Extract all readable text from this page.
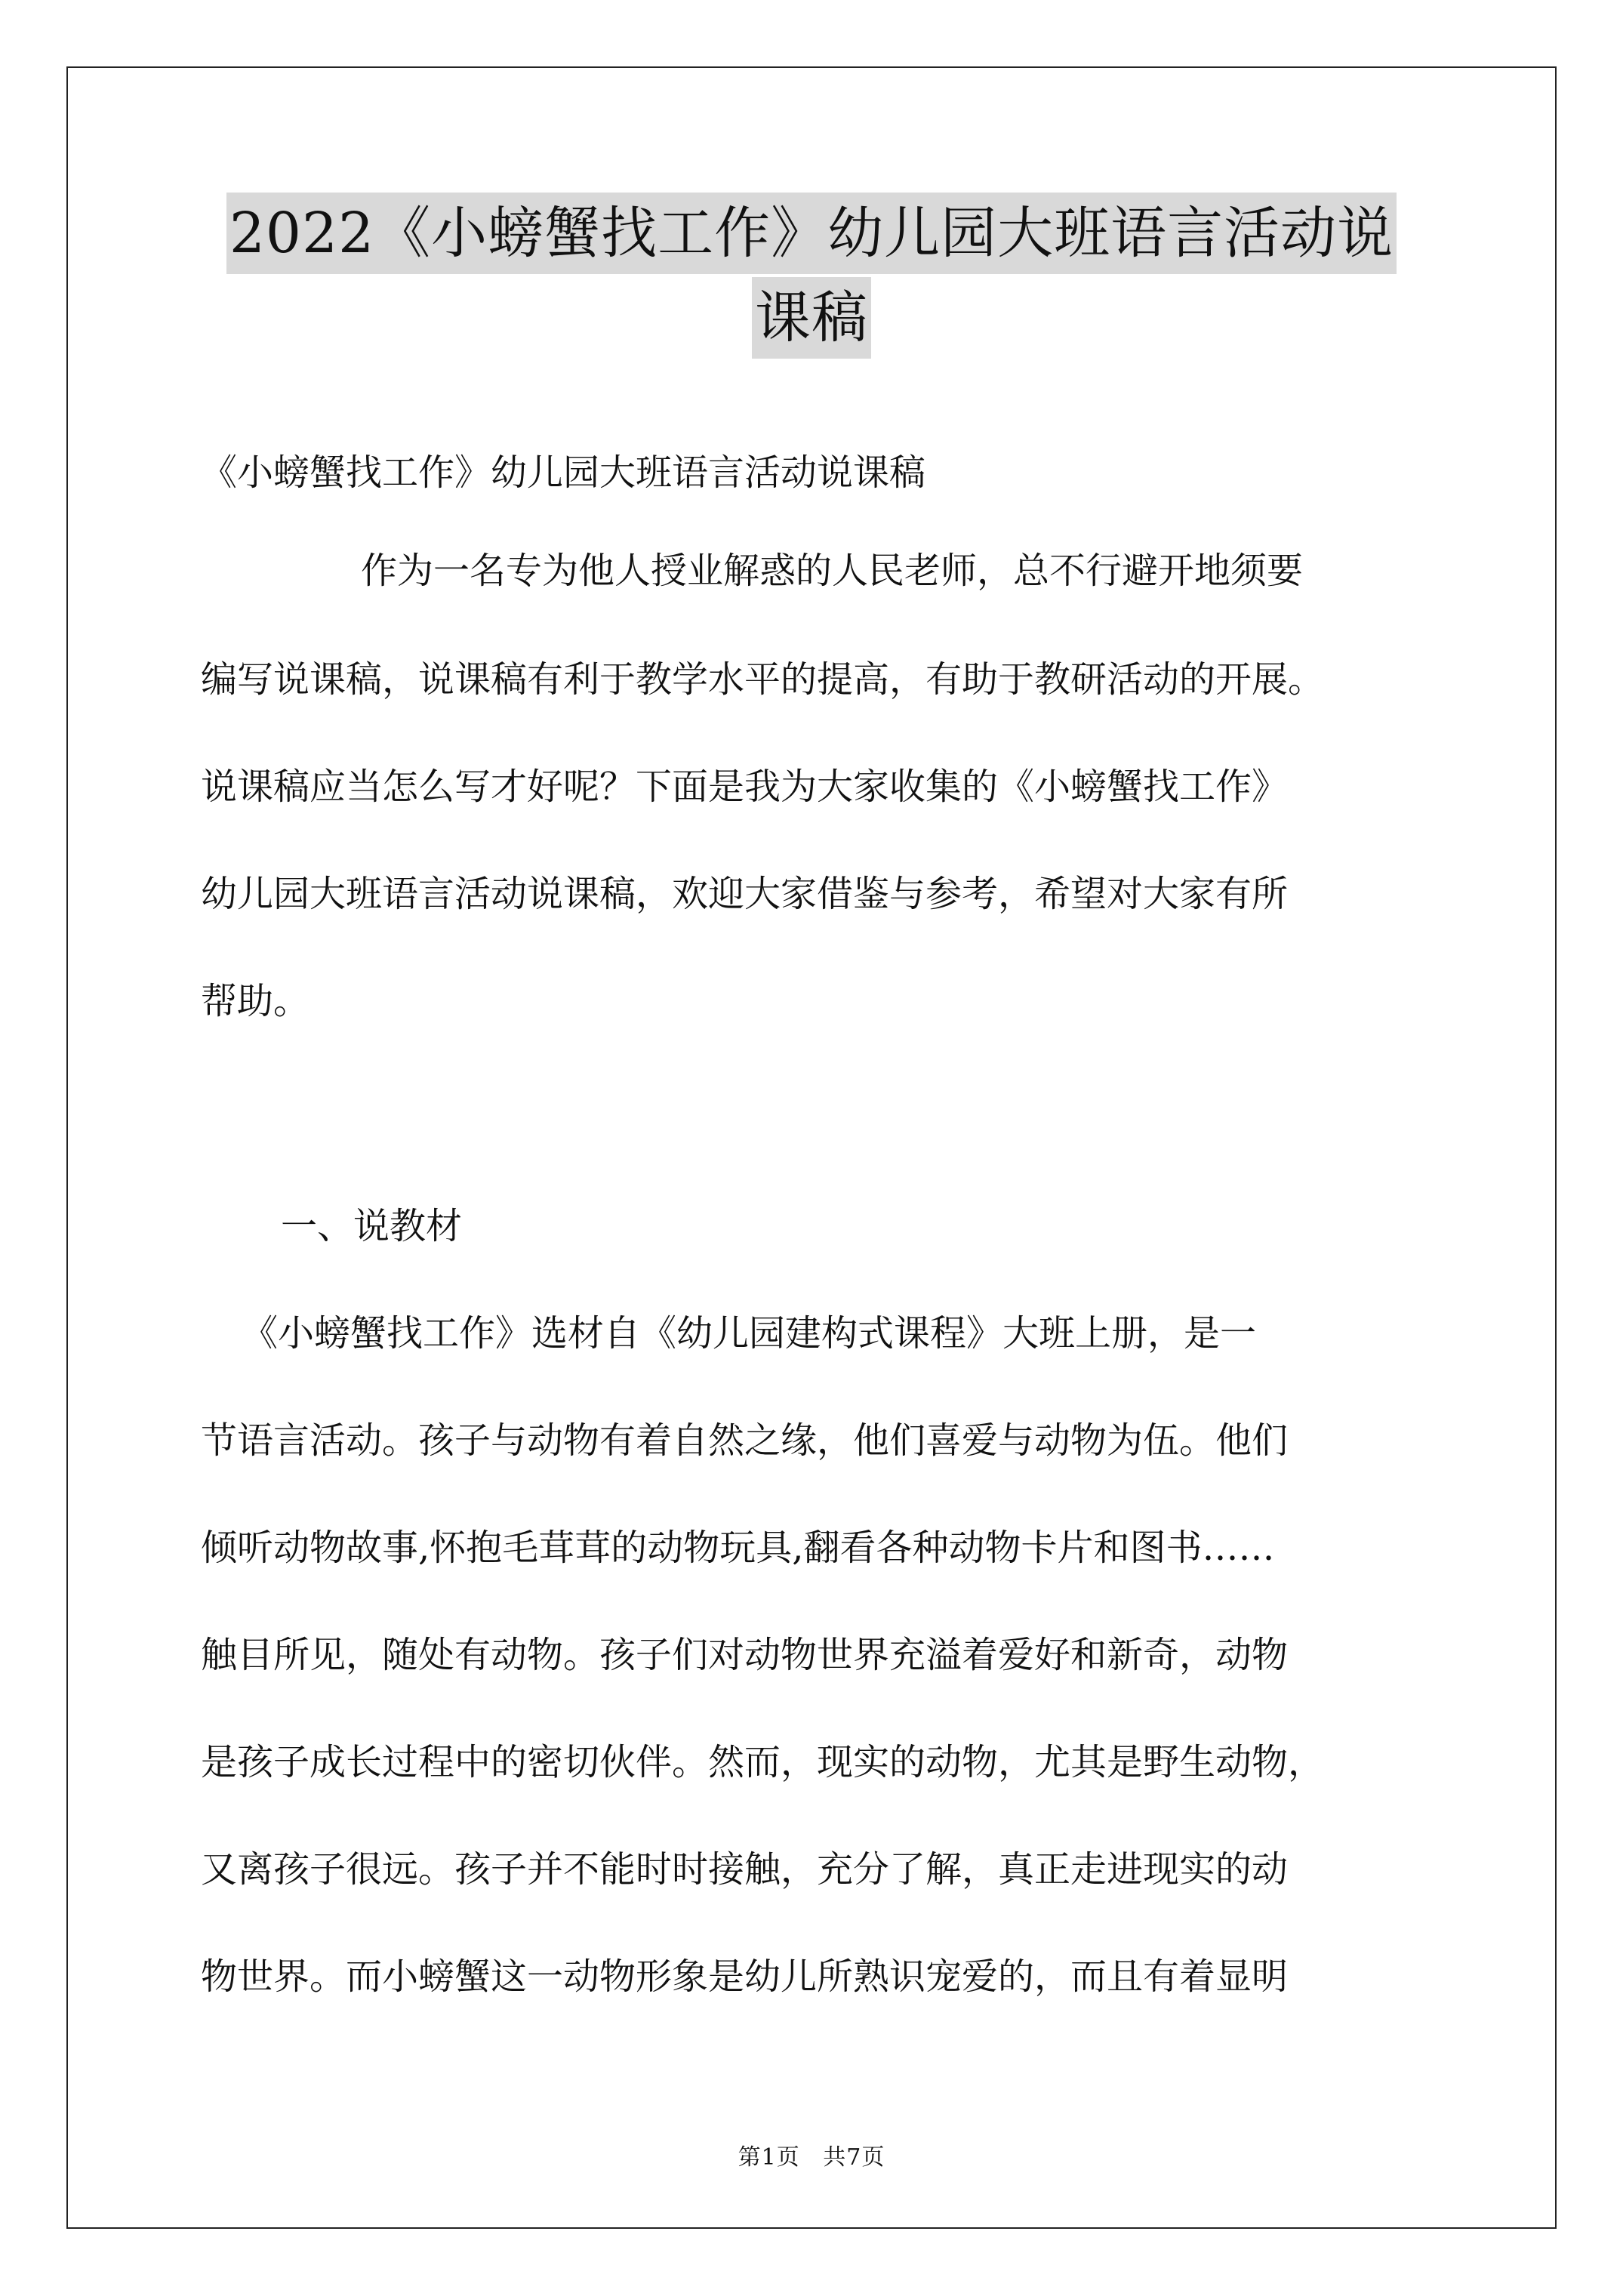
2022《小螃蟹找工作》幼儿园大班语言活动说
课稿
《小螃蟹找工作》幼儿园大班语言活动说课稿
作为一名专为他人授业解惑的人民老师，总不行避开地须要
编写说课稿，说课稿有利于教学水平的提高，有助于教研活动的开展。
说课稿应当怎么写才好呢？下面是我为大家收集的《小螃蟹找工作》
幼儿园大班语言活动说课稿，欢迎大家借鉴与参考，希望对大家有所
帮助。
一、说教材
《小螃蟹找工作》选材自《幼儿园建构式课程》大班上册，是一
节语言活动。孩子与动物有着自然之缘，他们喜爱与动物为伍。他们
倾听动物故事,怀抱毛茸茸的动物玩具,翻看各种动物卡片和图书……
触目所见，随处有动物。孩子们对动物世界充溢着爱好和新奇，动物
是孩子成长过程中的密切伙伴。然而，现实的动物，尤其是野生动物，
又离孩子很远。孩子并不能时时接触，充分了解，真正走进现实的动
物世界。而小螃蟹这一动物形象是幼儿所熟识宠爱的，而且有着显明
第1页 共7页
